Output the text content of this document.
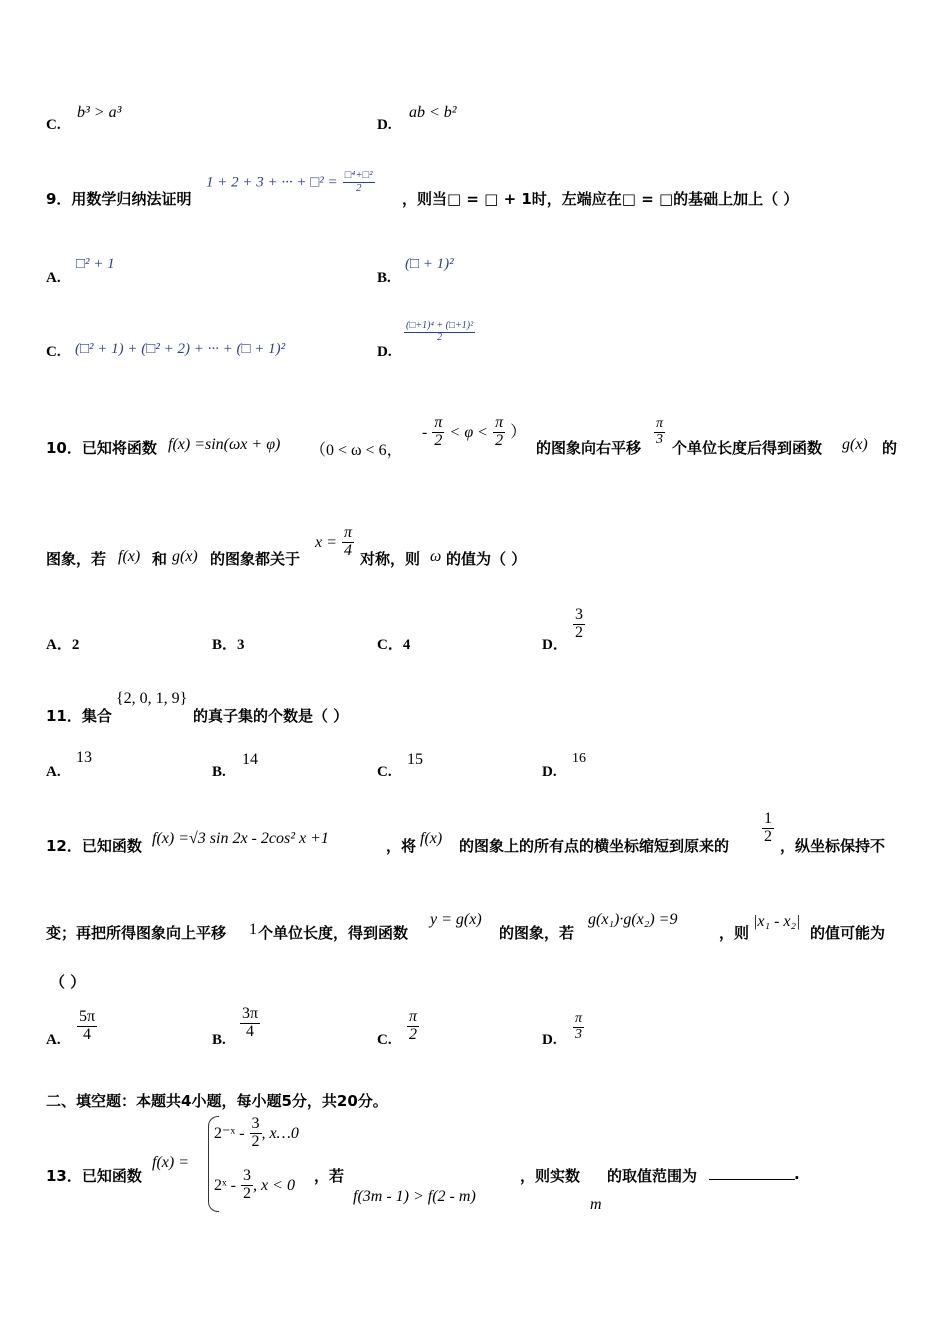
C.
b³ > a³
D.
ab < b²
9．用数学归纳法证明
1 + 2 + 3 + ··· + □² = $\frac{\text{□⁴+□²}}{2}$
，则当□ = □ + 1时，左端应在□ = □的基础上加上（ ）
A.
□² + 1
B.
(□ + 1)²
C. (□² + 1) + (□² + 2) + ··· + (□ + 1)²	D.
$\frac{\text{(□+1)⁴ + (□+1)²}}{2}$
10．已知将函数 f(x) =sin(ωx + φ) （0 < ω < 6，
- $\frac{\pi}{2} < \varphi < \frac{\pi}{2}$ ）
的图象向右平移
$\frac{\pi}{3}$
个单位长度后得到函数 g(x) 的
图象，若 f(x) 和 g(x) 的图象都关于
$x = \frac{\pi}{4}$ 对称，则 ω 的值为（ ）
A．2	B．3	C．4	D．
$\frac{3}{2}$
11．集合
{2, 0, 1, 9}
的真子集的个数是（ ）
A.
13
B.
14
C.
15
D.
16
12．已知函数 f(x) =√3 sin 2x - 2cos² x +1	，将 f(x) 的图象上的所有点的横坐标缩短到原来的
$\frac{1}{2}$
，纵坐标保持不
变；再把所得图象向上平移 1 个单位长度，得到函数
y = g(x)
的图象，若
g(x₁)·g(x₂) =9
，则
|x₁ - x₂|
的值可能为
（ ）
A. $\frac{5\pi}{4}$	B. $\frac{3\pi}{4}$	C. $\frac{\pi}{2}$	D. $\frac{\pi}{3}$
二、填空题：本题共4小题，每小题5分，共20分。
13．已知函数
f(x) =
2⁻ˣ - $\frac{3}{2}$ , x…0
2ˣ - $\frac{3}{2}$ , x < 0
，若
f(3m - 1) > f(2 - m)
，则实数
m
的取值范围为	.
